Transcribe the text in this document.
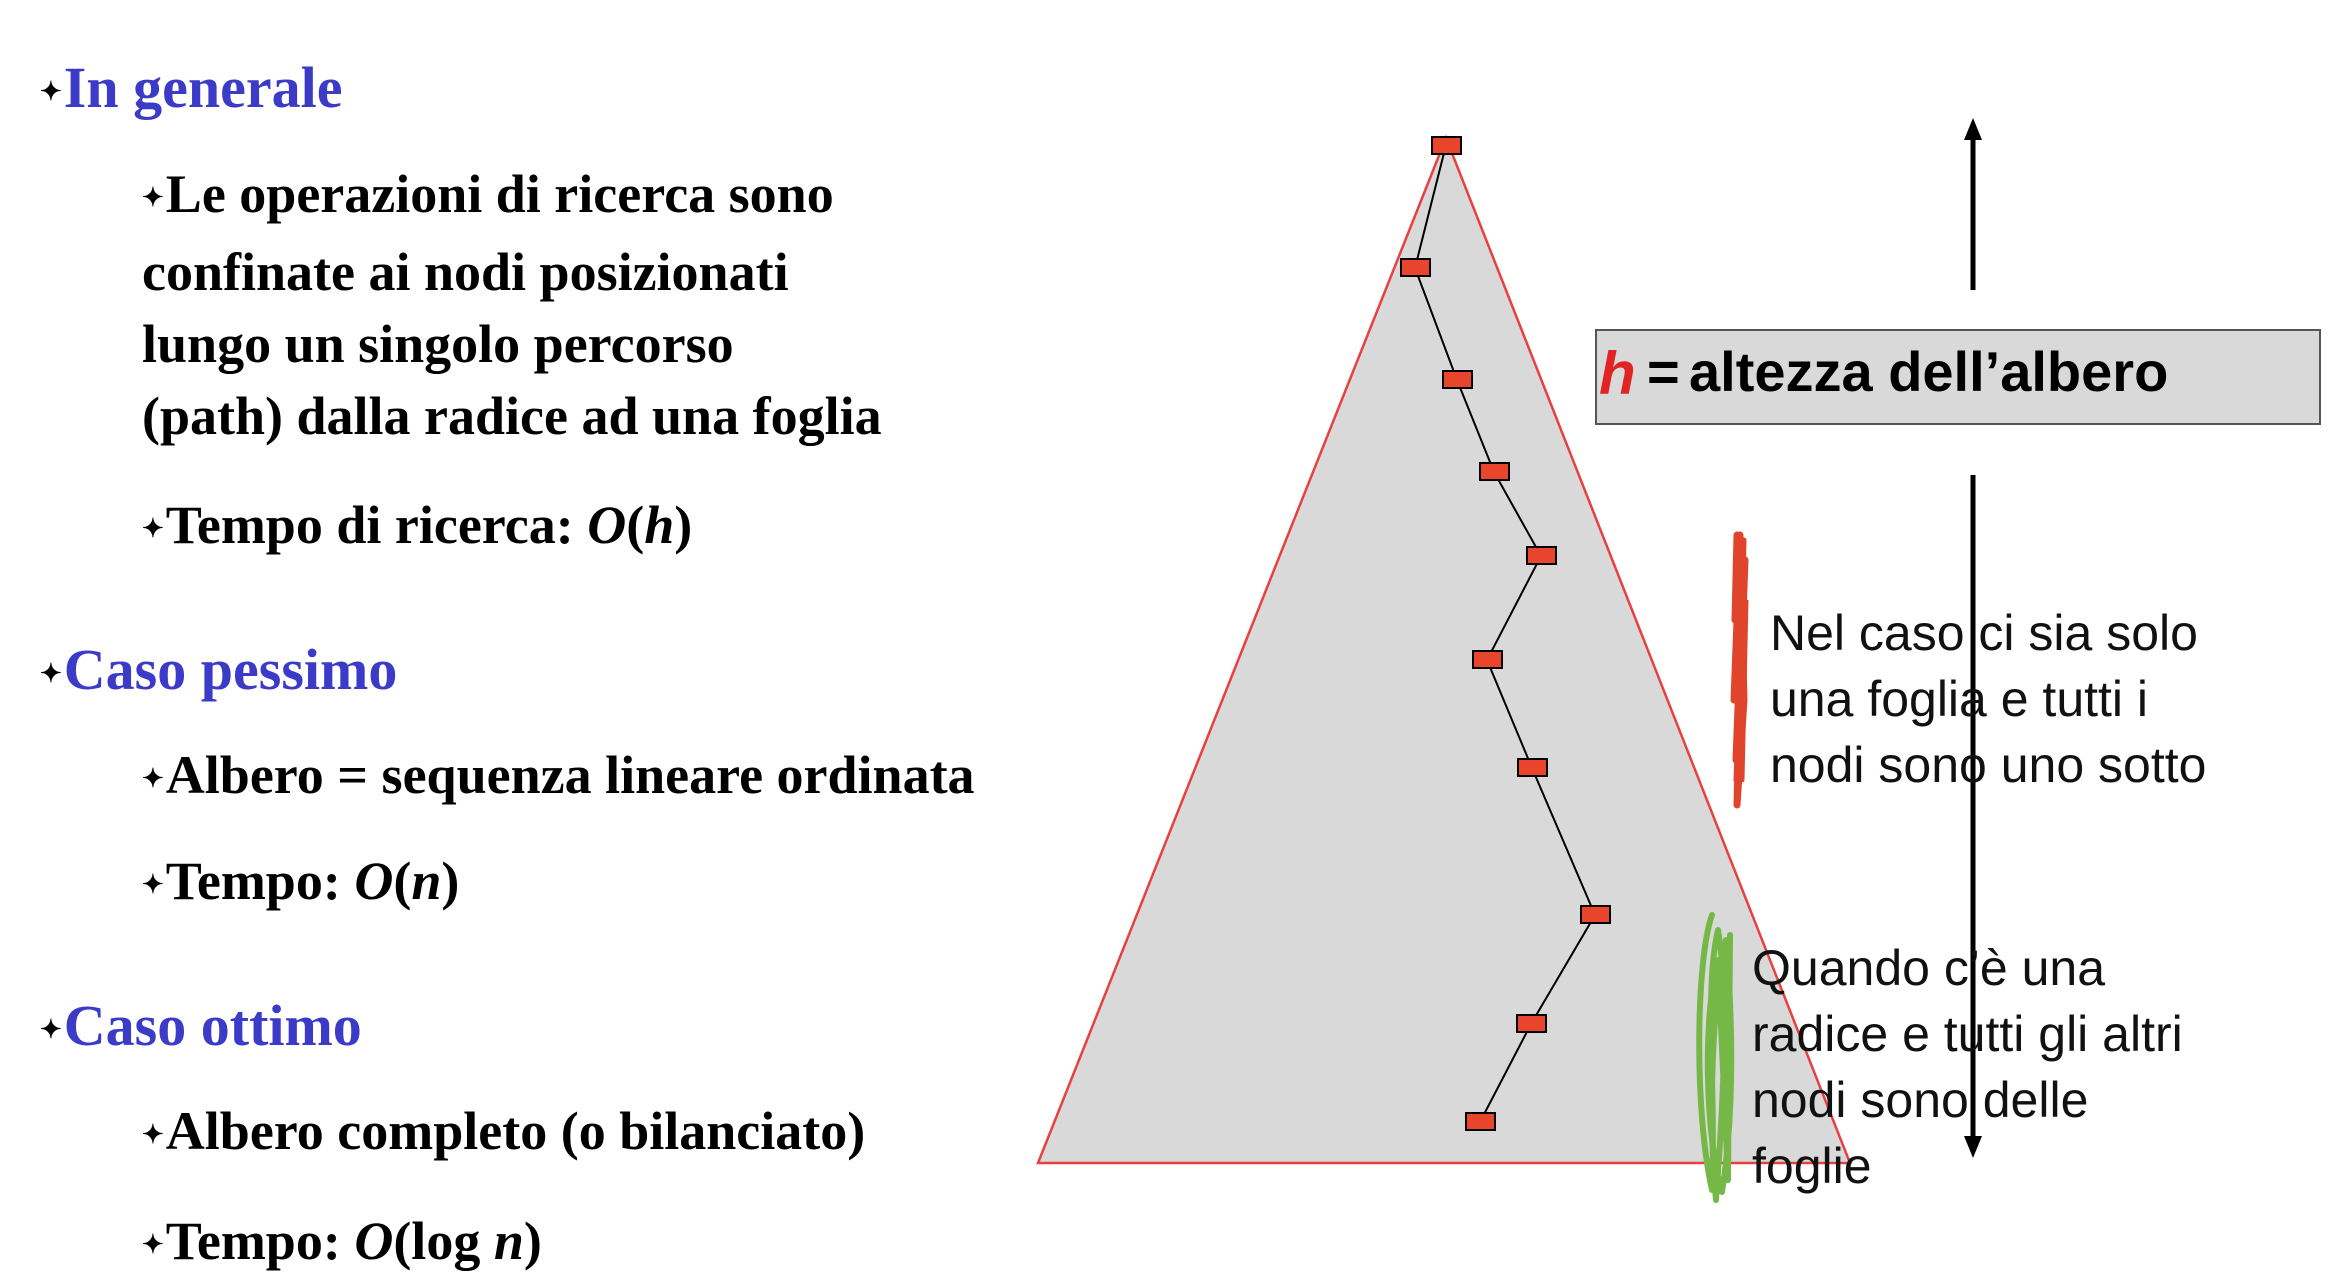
✦In generale
✦Le operazioni di ricerca sono
confinate ai nodi posizionati
lungo un singolo percorso
(path) dalla radice ad una foglia
✦Tempo di ricerca: O(h)
✦Caso pessimo
✦Albero = sequenza lineare ordinata
✦Tempo: O(n)
✦Caso ottimo
✦Albero completo (o bilanciato)
✦Tempo: O(log n)
h = altezza dell’albero
Nel caso ci sia solo
una foglia e tutti i
nodi sono uno sotto
Quando c’è una
radice e tutti gli altri
nodi sono delle
foglie
